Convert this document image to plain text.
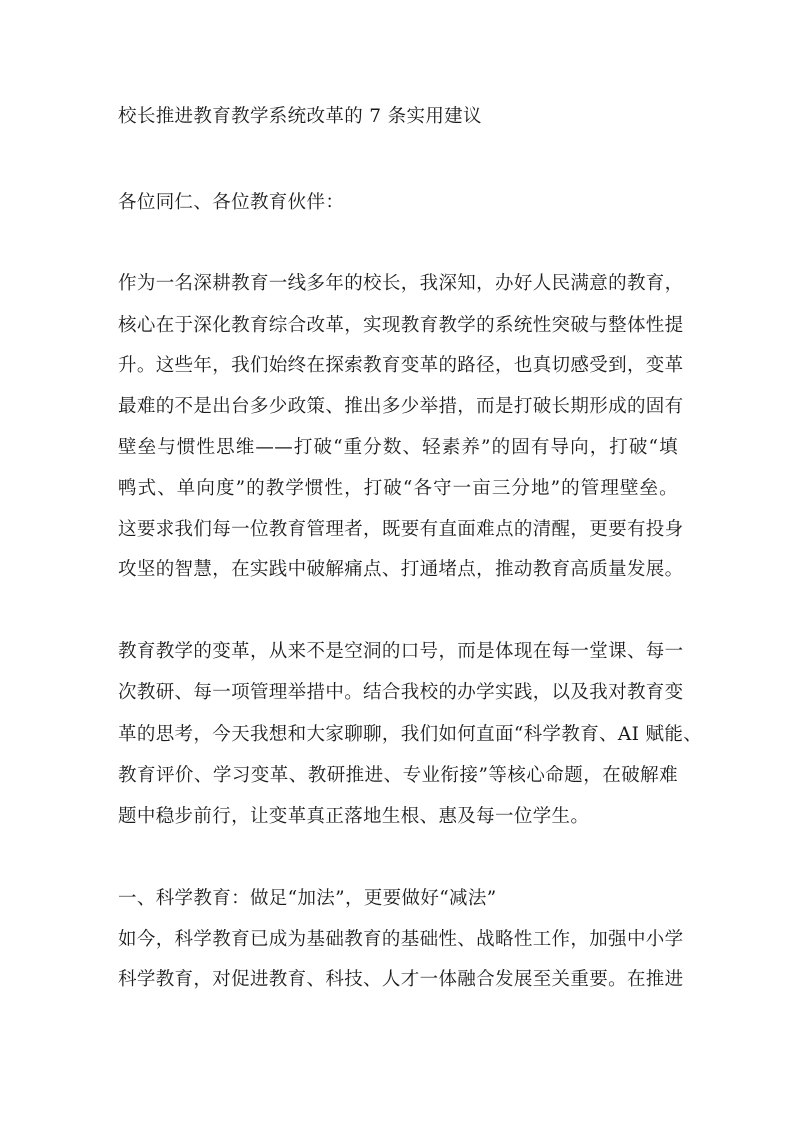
校长推进教育教学系统改革的 7 条实用建议
各位同仁、各位教育伙伴：
作为一名深耕教育一线多年的校长，我深知，办好人民满意的教育，
核心在于深化教育综合改革，实现教育教学的系统性突破与整体性提
升。这些年，我们始终在探索教育变革的路径，也真切感受到，变革
最难的不是出台多少政策、推出多少举措，而是打破长期形成的固有
壁垒与惯性思维——打破“重分数、轻素养”的固有导向，打破“填
鸭式、单向度”的教学惯性，打破“各守一亩三分地”的管理壁垒。
这要求我们每一位教育管理者，既要有直面难点的清醒，更要有投身
攻坚的智慧，在实践中破解痛点、打通堵点，推动教育高质量发展。
教育教学的变革，从来不是空洞的口号，而是体现在每一堂课、每一
次教研、每一项管理举措中。结合我校的办学实践，以及我对教育变
革的思考，今天我想和大家聊聊，我们如何直面“科学教育、AI 赋能、
教育评价、学习变革、教研推进、专业衔接”等核心命题，在破解难
题中稳步前行，让变革真正落地生根、惠及每一位学生。
一、科学教育：做足“加法”，更要做好“减法”
如今，科学教育已成为基础教育的基础性、战略性工作，加强中小学
科学教育，对促进教育、科技、人才一体融合发展至关重要。在推进
